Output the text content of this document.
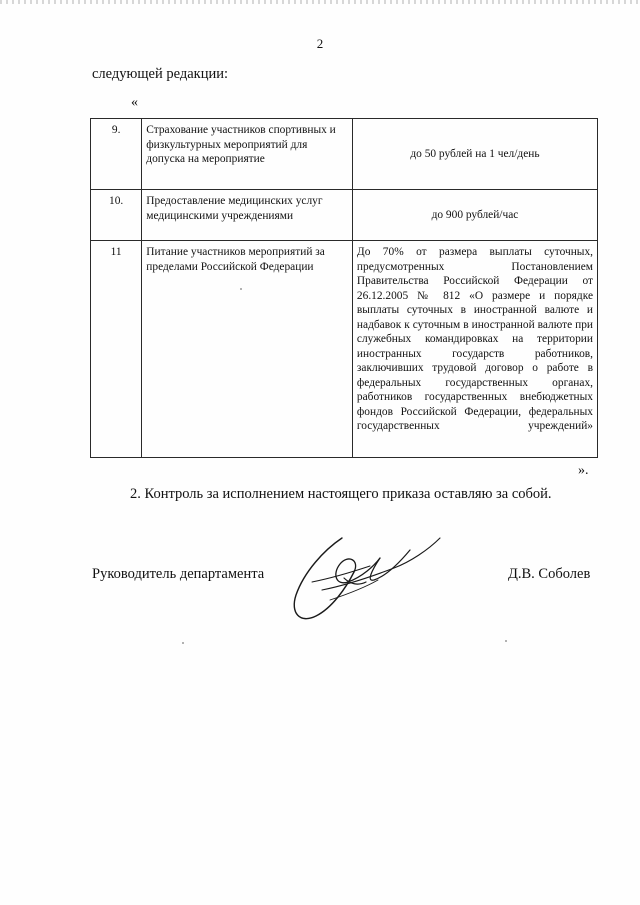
2
следующей редакции:
«
9.	Страхование участников спортивных и физкультурных мероприятий для допуска на мероприятие	до 50 рублей на 1 чел/день
10.	Предоставление медицинских услуг медицинскими учреждениями	до 900 рублей/час
11	Питание участников мероприятий за пределами Российской Федерации	До 70% от размера выплаты суточных, предусмотренных Постановлением Правительства Российской Федерации от 26.12.2005 № 812 «О размере и порядке выплаты суточных в иностранной валюте и надбавок к суточным в иностранной валюте при служебных командировках на территории иностранных государств работников, заключивших трудовой договор о работе в федеральных государственных органах, работников государственных внебюджетных фондов Российской Федерации, федеральных государственных учреждений»
».
2. Контроль за исполнением настоящего приказа оставляю за собой.
Руководитель департамента	Д.В. Соболев
